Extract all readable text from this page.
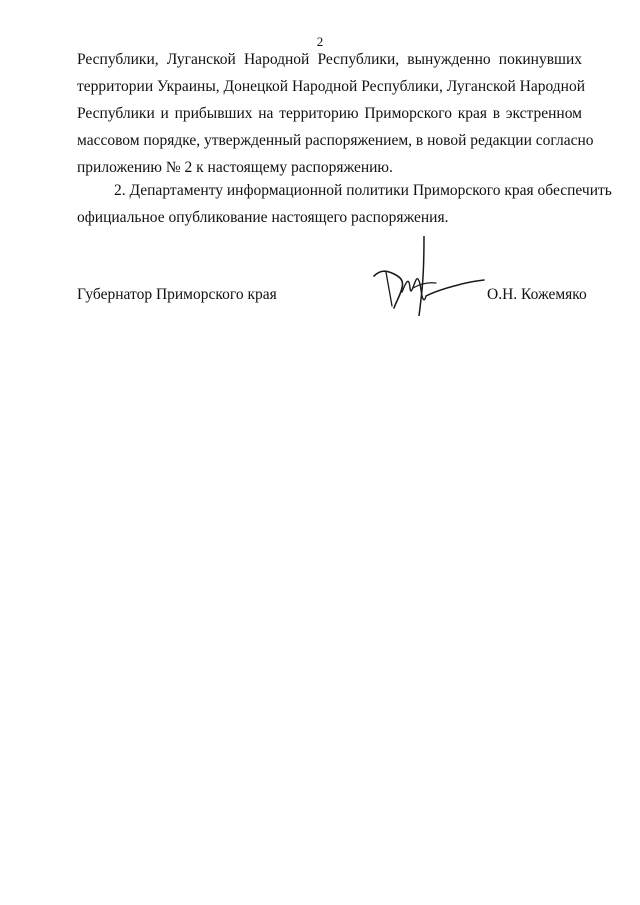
2
Республики, Луганской Народной Республики, вынужденно покинувших
территории Украины, Донецкой Народной Республики, Луганской Народной
Республики и прибывших на территорию Приморского края в экстренном
массовом порядке, утвержденный распоряжением, в новой редакции согласно
приложению № 2 к настоящему распоряжению.
2. Департаменту информационной политики Приморского края обеспечить
официальное опубликование настоящего распоряжения.
Губернатор Приморского края	О.Н. Кожемяко
